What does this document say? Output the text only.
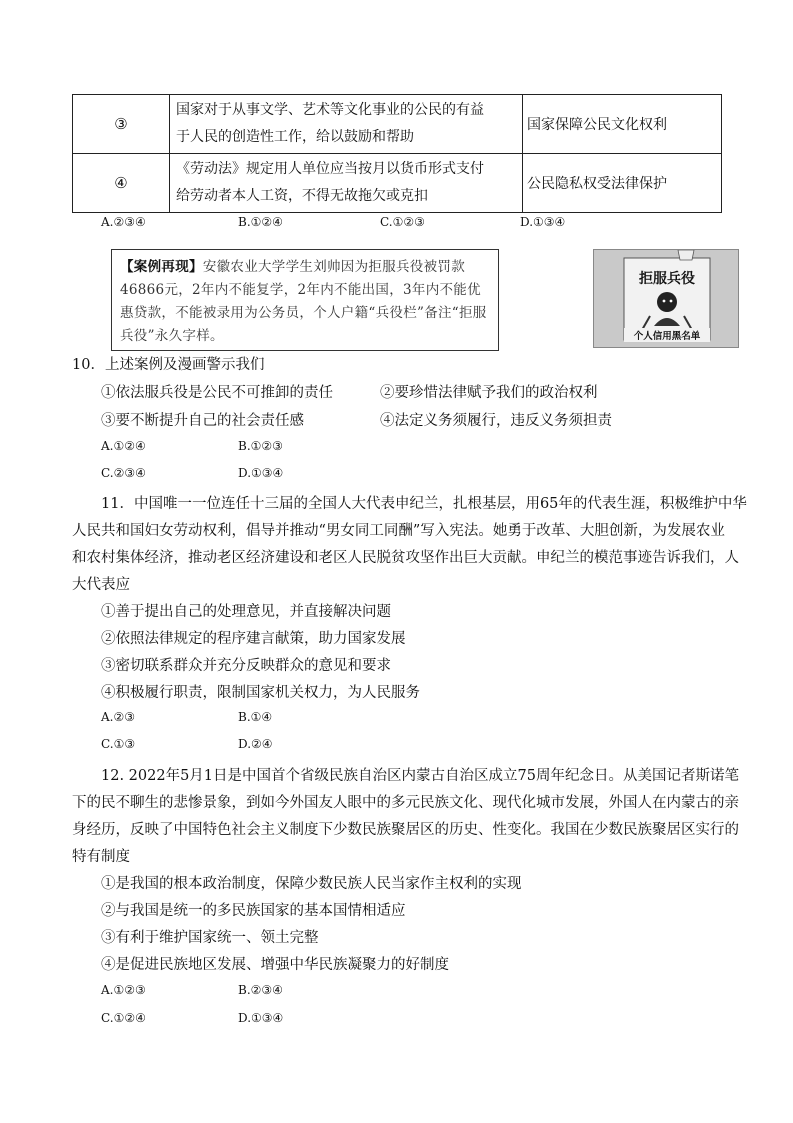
③	国家对于从事文学、艺术等文化事业的公民的有益
于人民的创造性工作，给以鼓励和帮助	国家保障公民文化权利
④	《劳动法》规定用人单位应当按月以货币形式支付
给劳动者本人工资，不得无故拖欠或克扣	公民隐私权受法律保护
A.②③④	B.①②④	C.①②③	D.①③④
【案例再现】安徽农业大学学生刘帅因为拒服兵役被罚款46866元，2年内不能复学，2年内不能出国，3年内不能优惠贷款，不能被录用为公务员，个人户籍“兵役栏”备注“拒服兵役”永久字样。
拒服兵役
个人信用黑名单
10．上述案例及漫画警示我们
①依法服兵役是公民不可推卸的责任	②要珍惜法律赋予我们的政治权利
③要不断提升自己的社会责任感	④法定义务须履行，违反义务须担责
A.①②④	B.①②③
C.②③④	D.①③④
11．中国唯一一位连任十三届的全国人大代表申纪兰，扎根基层，用65年的代表生涯，积极维护中华
人民共和国妇女劳动权利，倡导并推动“男女同工同酬”写入宪法。她勇于改革、大胆创新，为发展农业
和农村集体经济，推动老区经济建设和老区人民脱贫攻坚作出巨大贡献。申纪兰的模范事迹告诉我们，人
大代表应
①善于提出自己的处理意见，并直接解决问题
②依照法律规定的程序建言献策，助力国家发展
③密切联系群众并充分反映群众的意见和要求
④积极履行职责，限制国家机关权力，为人民服务
A.②③	B.①④
C.①③	D.②④
12. 2022年5月1日是中国首个省级民族自治区内蒙古自治区成立75周年纪念日。从美国记者斯诺笔
下的民不聊生的悲惨景象，到如今外国友人眼中的多元民族文化、现代化城市发展，外国人在内蒙古的亲
身经历，反映了中国特色社会主义制度下少数民族聚居区的历史、性变化。我国在少数民族聚居区实行的
特有制度
①是我国的根本政治制度，保障少数民族人民当家作主权利的实现
②与我国是统一的多民族国家的基本国情相适应
③有利于维护国家统一、领土完整
④是促进民族地区发展、增强中华民族凝聚力的好制度
A.①②③	B.②③④
C.①②④	D.①③④
